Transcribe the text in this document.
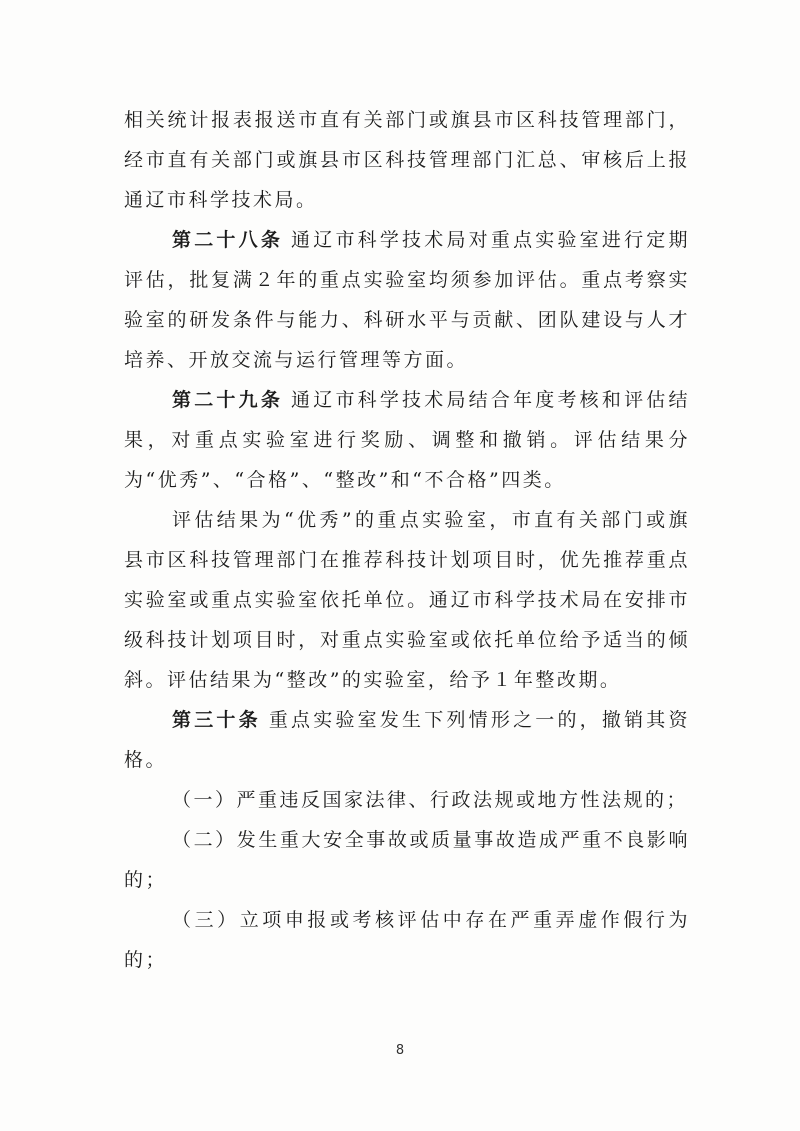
相关统计报表报送市直有关部门或旗县市区科技管理部门，经市直有关部门或旗县市区科技管理部门汇总、审核后上报通辽市科学技术局。

第二十八条 通辽市科学技术局对重点实验室进行定期评估，批复满２年的重点实验室均须参加评估。重点考察实验室的研发条件与能力、科研水平与贡献、团队建设与人才培养、开放交流与运行管理等方面。

第二十九条 通辽市科学技术局结合年度考核和评估结果，对重点实验室进行奖励、调整和撤销。评估结果分为“优秀”、“合格”、“整改”和“不合格”四类。

评估结果为“优秀”的重点实验室，市直有关部门或旗县市区科技管理部门在推荐科技计划项目时，优先推荐重点实验室或重点实验室依托单位。通辽市科学技术局在安排市级科技计划项目时，对重点实验室或依托单位给予适当的倾斜。评估结果为“整改”的实验室，给予１年整改期。

第三十条 重点实验室发生下列情形之一的，撤销其资格。

（一）严重违反国家法律、行政法规或地方性法规的；

（二）发生重大安全事故或质量事故造成严重不良影响的；

（三）立项申报或考核评估中存在严重弄虚作假行为的；

8
